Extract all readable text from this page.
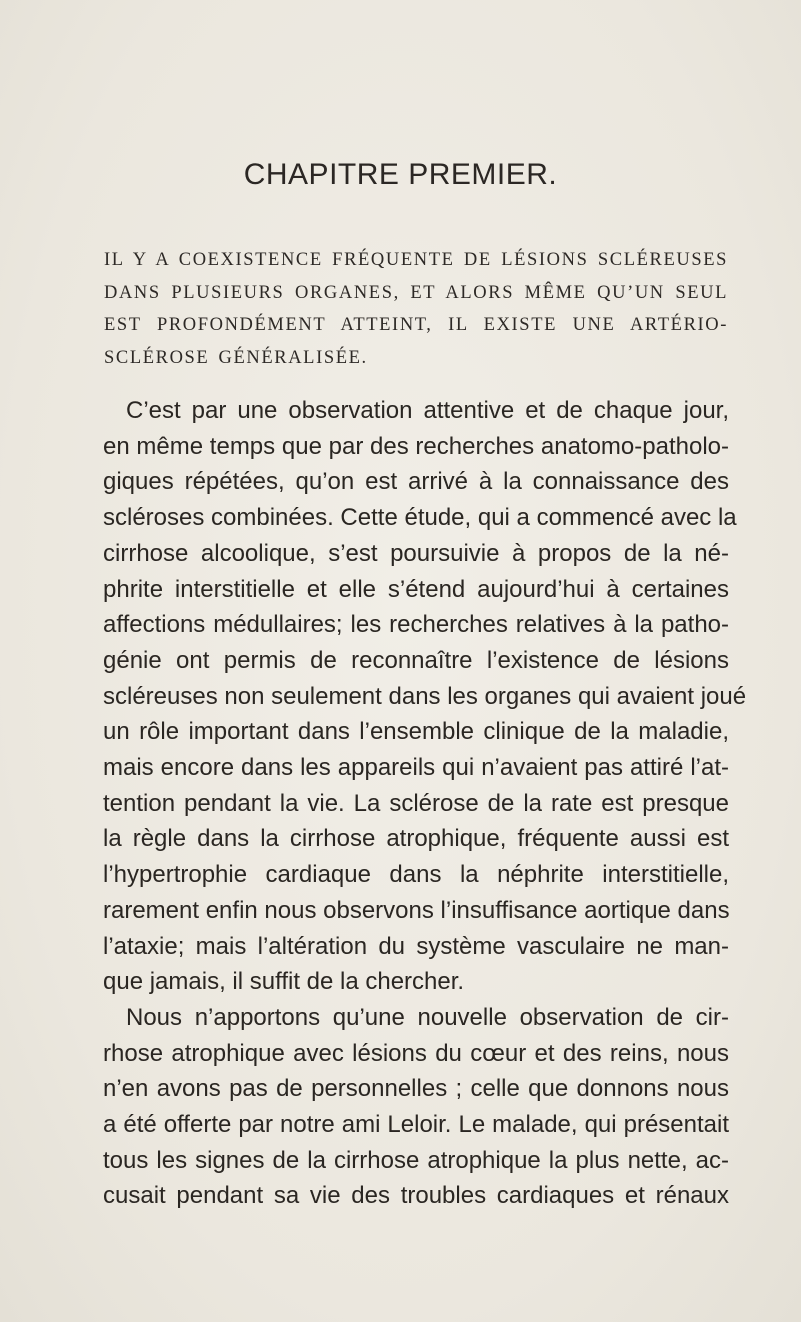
CHAPITRE PREMIER.

IL Y A COEXISTENCE FRÉQUENTE DE LÉSIONS SCLÉREUSES
DANS PLUSIEURS ORGANES, ET ALORS MÊME QU’UN SEUL
EST PROFONDÉMENT ATTEINT, IL EXISTE UNE ARTÉRIO-
SCLÉROSE GÉNÉRALISÉE.

C’est par une observation attentive et de chaque jour,
en même temps que par des recherches anatomo-patholo-
giques répétées, qu’on est arrivé à la connaissance des
scléroses combinées. Cette étude, qui a commencé avec la
cirrhose alcoolique, s’est poursuivie à propos de la né-
phrite interstitielle et elle s’étend aujourd’hui à certaines
affections médullaires; les recherches relatives à la patho-
génie ont permis de reconnaître l’existence de lésions
scléreuses non seulement dans les organes qui avaient joué
un rôle important dans l’ensemble clinique de la maladie,
mais encore dans les appareils qui n’avaient pas attiré l’at-
tention pendant la vie. La sclérose de la rate est presque
la règle dans la cirrhose atrophique, fréquente aussi est
l’hypertrophie cardiaque dans la néphrite interstitielle,
rarement enfin nous observons l’insuffisance aortique dans
l’ataxie; mais l’altération du système vasculaire ne man-
que jamais, il suffit de la chercher.
Nous n’apportons qu’une nouvelle observation de cir-
rhose atrophique avec lésions du cœur et des reins, nous
n’en avons pas de personnelles ; celle que donnons nous
a été offerte par notre ami Leloir. Le malade, qui présentait
tous les signes de la cirrhose atrophique la plus nette, ac-
cusait pendant sa vie des troubles cardiaques et rénaux
